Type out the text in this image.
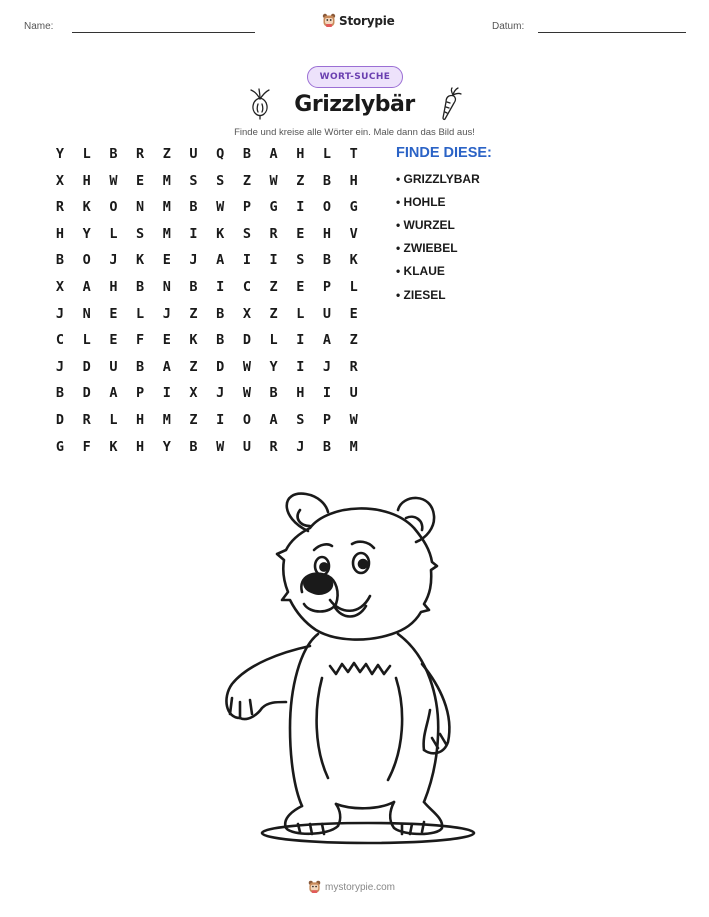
Name:	Storypie	Datum:
WORT-SUCHE
Grizzlybär
Finde und kreise alle Wörter ein. Male dann das Bild aus!
Y	L	B	R	Z	U	Q	B	A	H	L	T
X	H	W	E	M	S	S	Z	W	Z	B	H
R	K	O	N	M	B	W	P	G	I	O	G
H	Y	L	S	M	I	K	S	R	E	H	V
B	O	J	K	E	J	A	I	I	S	B	K
X	A	H	B	N	B	I	C	Z	E	P	L
J	N	E	L	J	Z	B	X	Z	L	U	E
C	L	E	F	E	K	B	D	L	I	A	Z
J	D	U	B	A	Z	D	W	Y	I	J	R
B	D	A	P	I	X	J	W	B	H	I	U
D	R	L	H	M	Z	I	O	A	S	P	W
G	F	K	H	Y	B	W	U	R	J	B	M
FINDE DIESE:
• GRIZZLYBAR
• HOHLE
• WURZEL
• ZWIEBEL
• KLAUE
• ZIESEL
mystorypie.com
